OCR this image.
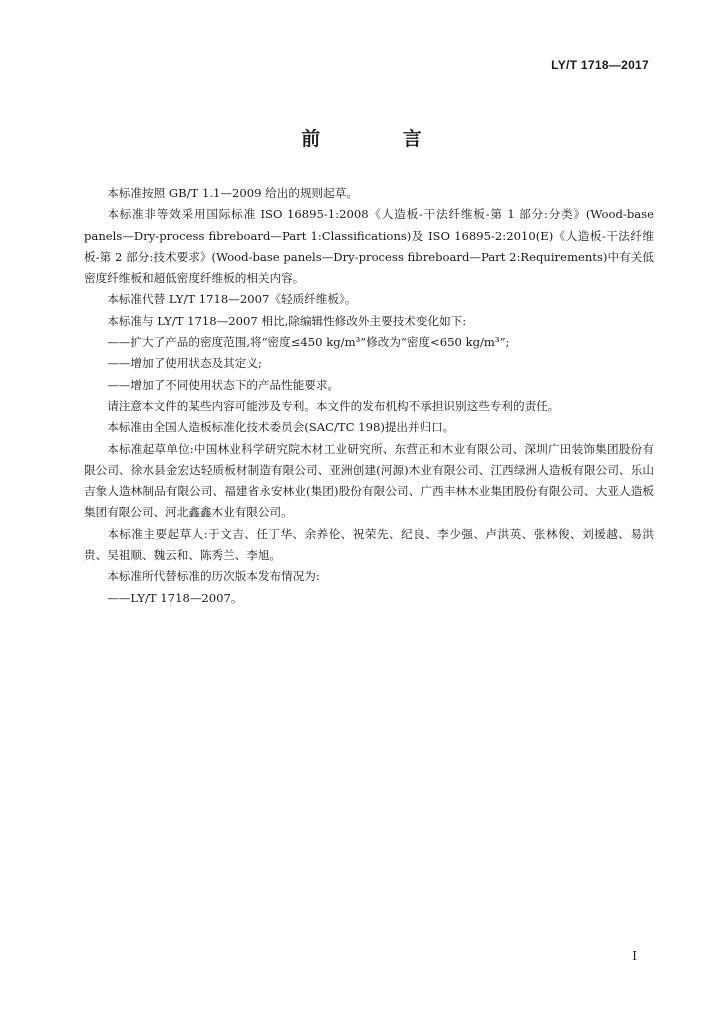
LY/T 1718—2017
前 言

本标准按照 GB/T 1.1—2009 给出的规则起草。

本标准非等效采用国际标准 ISO 16895-1:2008《人造板-干法纤维板-第 1 部分:分类》(Wood-base panels—Dry-process fibreboard—Part 1:Classifications)及 ISO 16895-2:2010(E)《人造板-干法纤维板-第 2 部分:技术要求》(Wood-base panels—Dry-process fibreboard—Part 2:Requirements)中有关低密度纤维板和超低密度纤维板的相关内容。

本标准代替 LY/T 1718—2007《轻质纤维板》。

本标准与 LY/T 1718—2007 相比,除编辑性修改外主要技术变化如下:

——扩大了产品的密度范围,将“密度≤450 kg/m³”修改为“密度<650 kg/m³”;

——增加了使用状态及其定义;

——增加了不同使用状态下的产品性能要求。

请注意本文件的某些内容可能涉及专利。本文件的发布机构不承担识别这些专利的责任。

本标准由全国人造板标准化技术委员会(SAC/TC 198)提出并归口。

本标准起草单位:中国林业科学研究院木材工业研究所、东营正和木业有限公司、深圳广田装饰集团股份有限公司、徐水县金宏达轻质板材制造有限公司、亚洲创建(河源)木业有限公司、江西绿洲人造板有限公司、乐山吉象人造林制品有限公司、福建省永安林业(集团)股份有限公司、广西丰林木业集团股份有限公司、大亚人造板集团有限公司、河北鑫鑫木业有限公司。

本标准主要起草人:于文吉、任丁华、余养伦、祝荣先、纪良、李少强、卢洪英、张林俊、刘援越、易洪贵、吴祖顺、魏云和、陈秀兰、李旭。

本标准所代替标准的历次版本发布情况为:

——LY/T 1718—2007。

I
